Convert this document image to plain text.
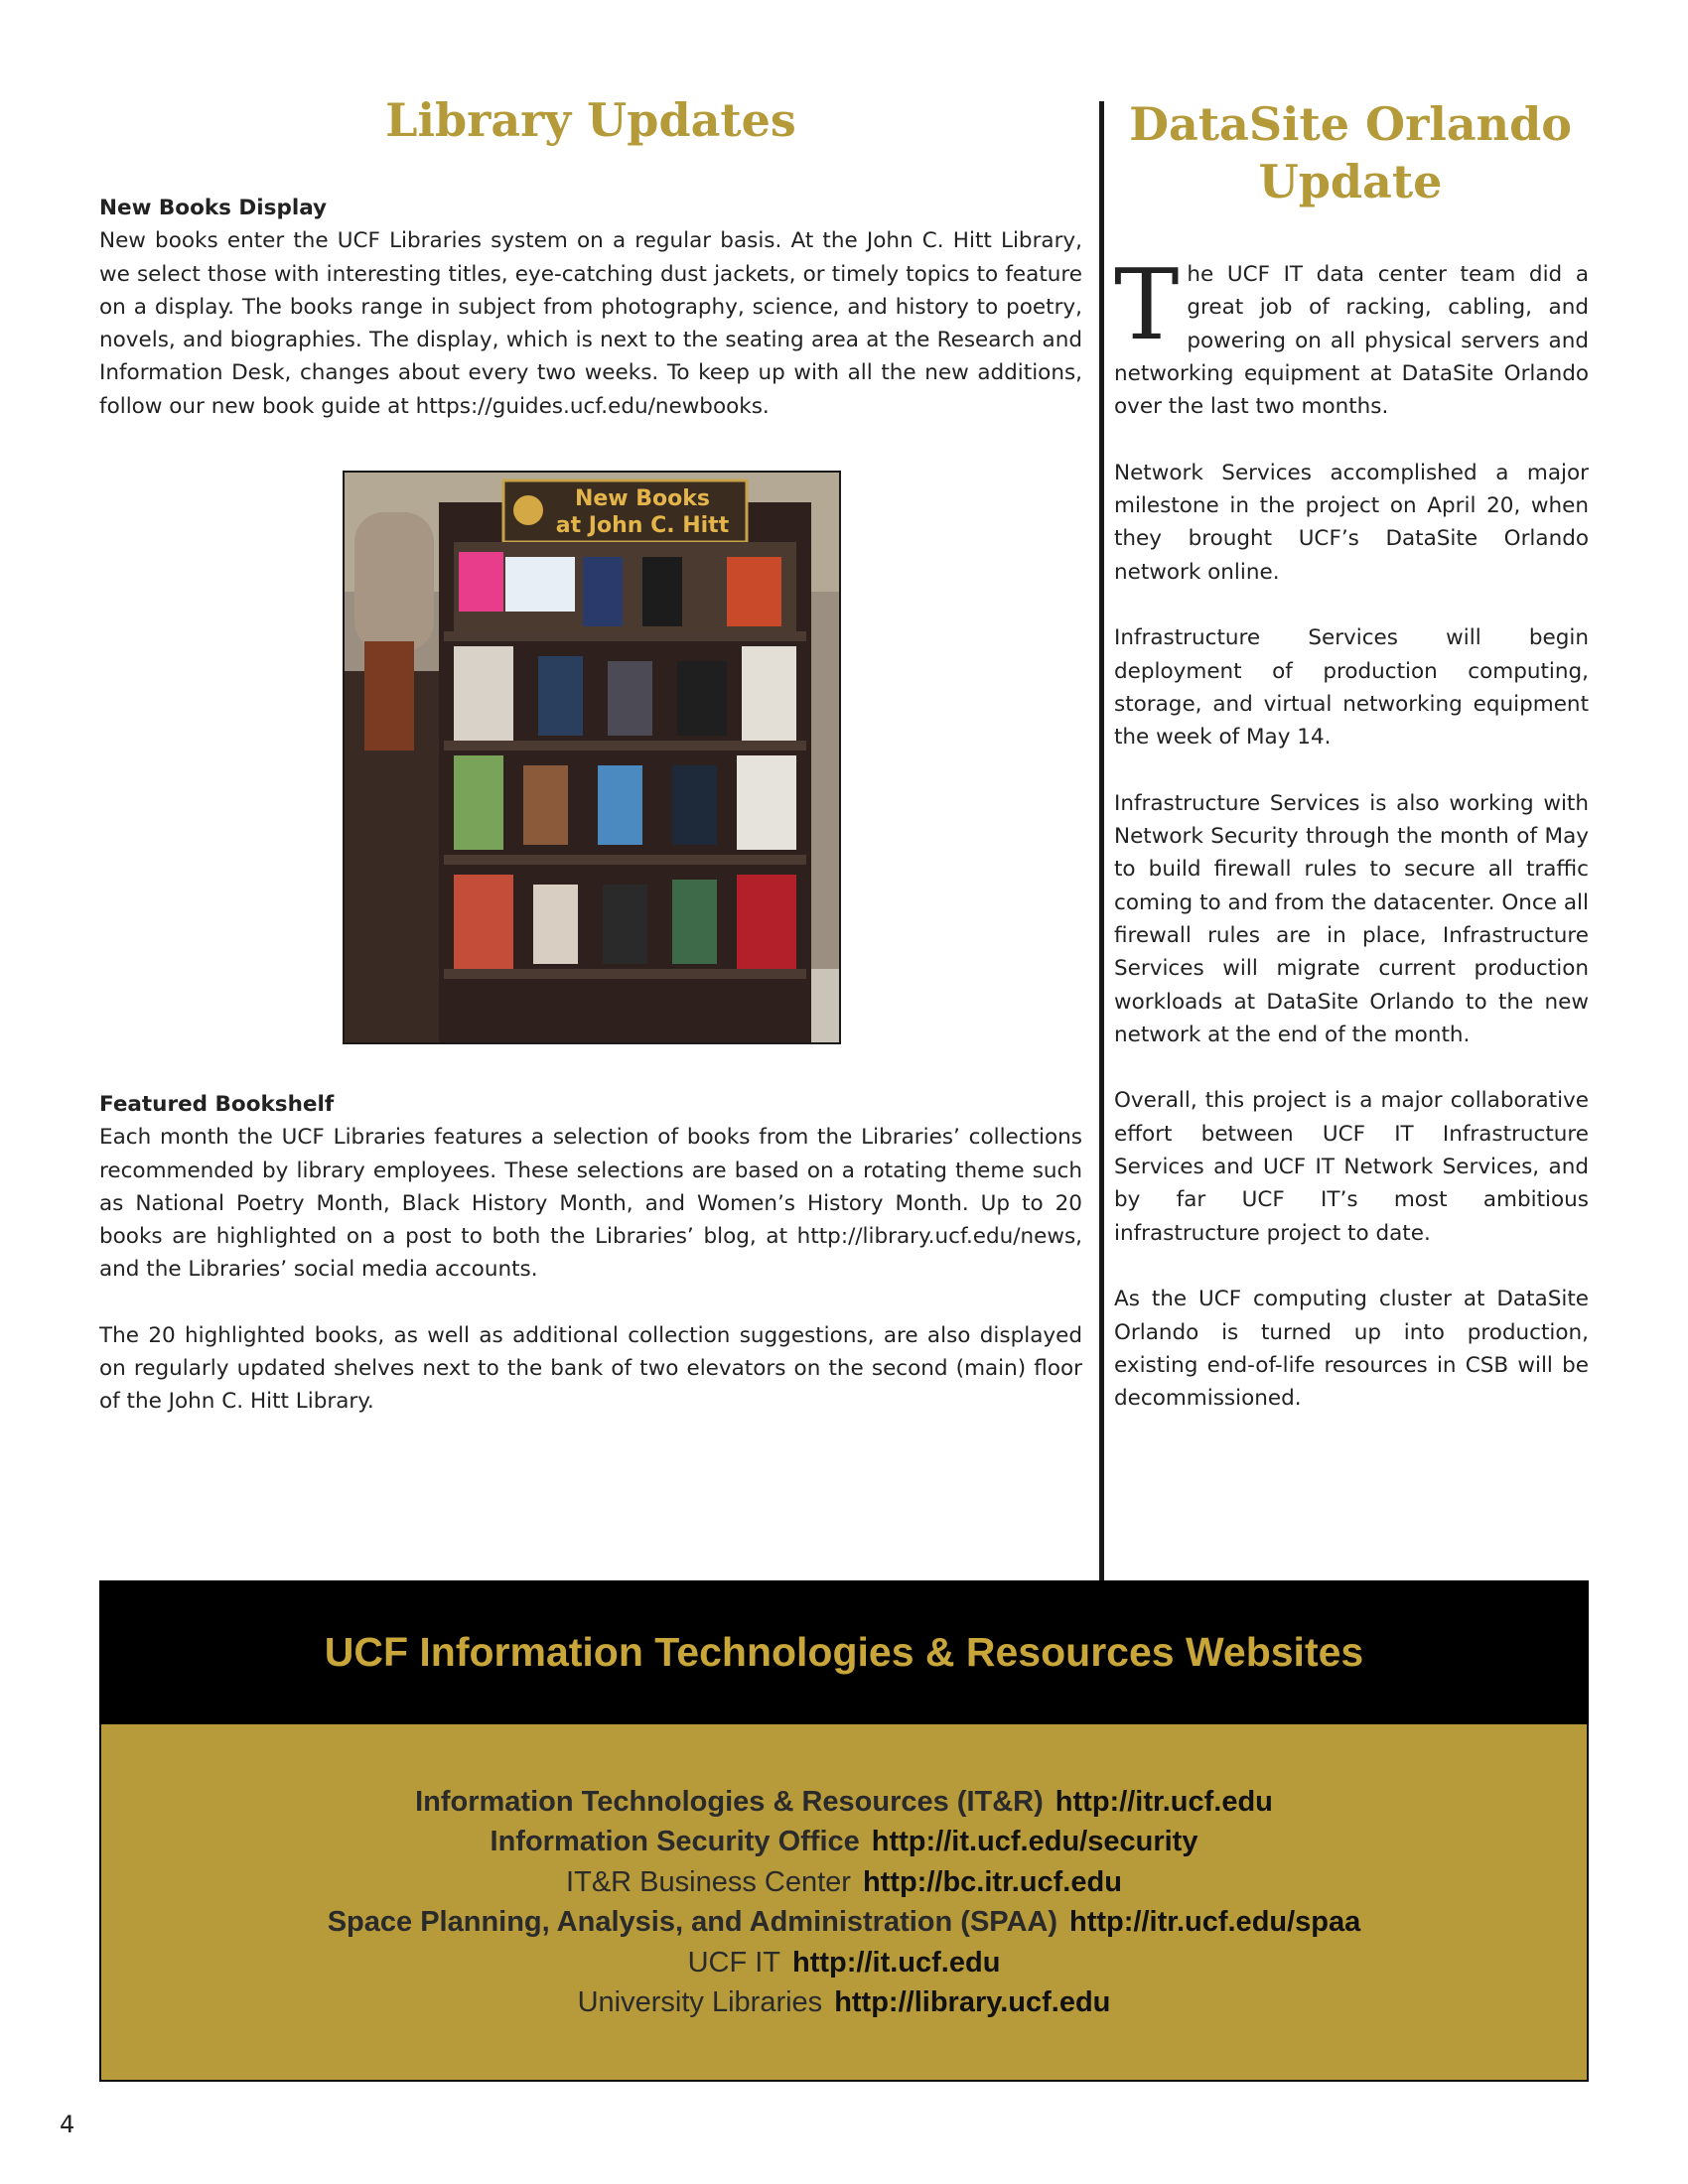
Library Updates

New Books Display

New books enter the UCF Libraries system on a regular basis. At the John C. Hitt Library, we select those with interesting titles, eye-catching dust jackets, or timely topics to feature on a display. The books range in subject from photography, science, and history to poetry, novels, and biographies. The display, which is next to the seating area at the Research and Information Desk, changes about every two weeks. To keep up with all the new additions, follow our new book guide at https://guides.ucf.edu/newbooks.

New Books
at John C. Hitt

Featured Bookshelf

Each month the UCF Libraries features a selection of books from the Libraries’ collections recommended by library employees. These selections are based on a rotating theme such as National Poetry Month, Black History Month, and Women’s History Month. Up to 20 books are highlighted on a post to both the Libraries’ blog, at http://library.ucf.edu/news, and the Libraries’ social media accounts.

The 20 highlighted books, as well as additional collection suggestions, are also displayed on regularly updated shelves next to the bank of two elevators on the second (main) floor of the John C. Hitt Library.

DataSite Orlando
Update

The UCF IT data center team did a great job of racking, cabling, and powering on all physical servers and networking equipment at DataSite Orlando over the last two months.

Network Services accomplished a major milestone in the project on April 20, when they brought UCF’s DataSite Orlando network online.

Infrastructure Services will begin deployment of production computing, storage, and virtual networking equipment the week of May 14.

Infrastructure Services is also working with Network Security through the month of May to build firewall rules to secure all traffic coming to and from the datacenter. Once all firewall rules are in place, Infrastructure Services will migrate current production workloads at DataSite Orlando to the new network at the end of the month.

Overall, this project is a major collaborative effort between UCF IT Infrastructure Services and UCF IT Network Services, and by far UCF IT’s most ambitious infrastructure project to date.

As the UCF computing cluster at DataSite Orlando is turned up into production, existing end-of-life resources in CSB will be decommissioned.

UCF Information Technologies & Resources Websites
Information Technologies & Resources (IT&R) http://itr.ucf.edu
Information Security Office http://it.ucf.edu/security
IT&R Business Center http://bc.itr.ucf.edu
Space Planning, Analysis, and Administration (SPAA) http://itr.ucf.edu/spaa
UCF IT http://it.ucf.edu
University Libraries http://library.ucf.edu
4
